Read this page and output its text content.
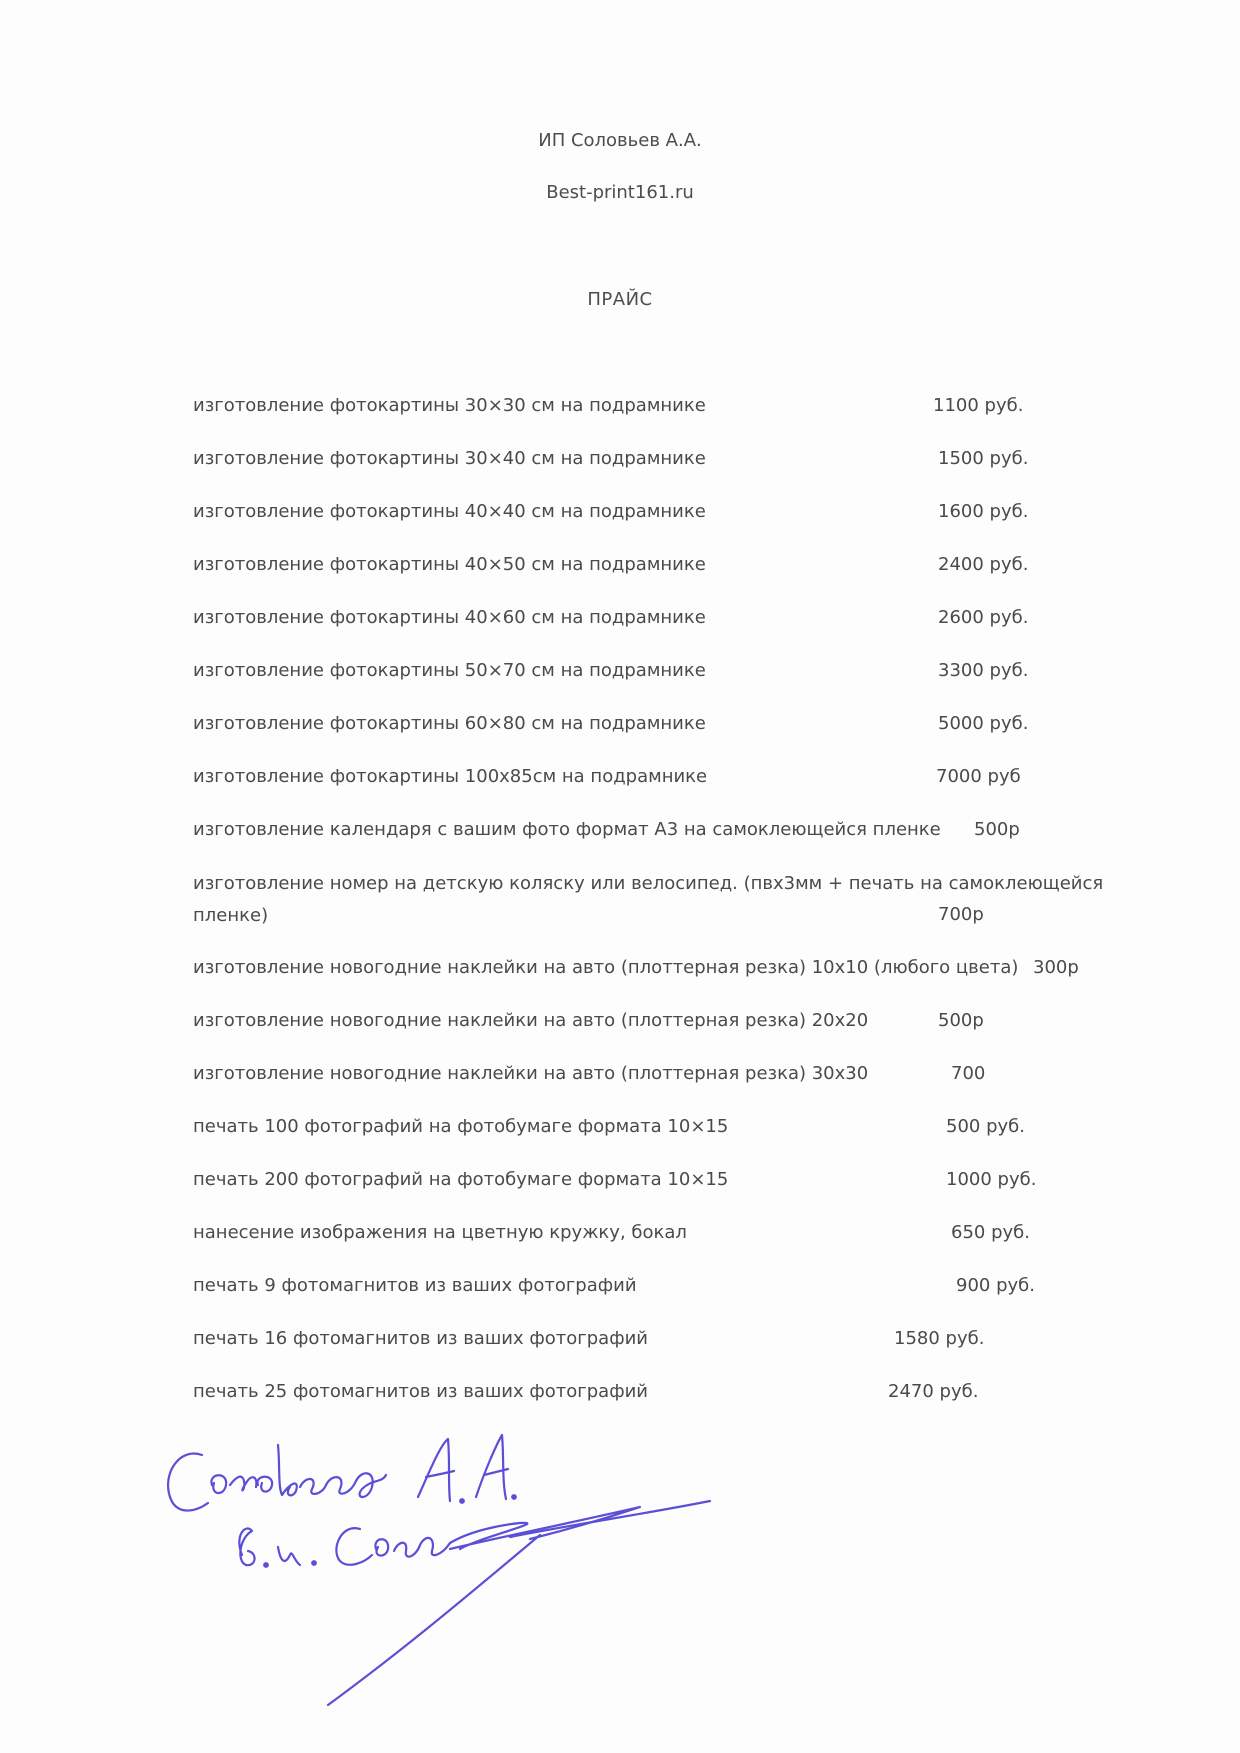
ИП Соловьев А.А.
Best-print161.ru
ПРАЙС
изготовление фотокартины 30×30 см на подрамнике	1100 руб.
изготовление фотокартины 30×40 см на подрамнике	1500 руб.
изготовление фотокартины 40×40 см на подрамнике	1600 руб.
изготовление фотокартины 40×50 см на подрамнике	2400 руб.
изготовление фотокартины 40×60 см на подрамнике	2600 руб.
изготовление фотокартины 50×70 см на подрамнике	3300 руб.
изготовление фотокартины 60×80 см на подрамнике	5000 руб.
изготовление фотокартины 100х85см на подрамнике	7000 руб
изготовление календаря с вашим фото формат А3 на самоклеющейся пленке 500р
изготовление номер на детскую коляску или велосипед. (пвх3мм + печать на самоклеющейся пленке)	700р
изготовление новогодние наклейки на авто (плоттерная резка) 10х10 (любого цвета) 300р
изготовление новогодние наклейки на авто (плоттерная резка) 20х20	500р
изготовление новогодние наклейки на авто (плоттерная резка) 30х30	700
печать 100 фотографий на фотобумаге формата 10×15	500 руб.
печать 200 фотографий на фотобумаге формата 10×15	1000 руб.
нанесение изображения на цветную кружку, бокал	650 руб.
печать 9 фотомагнитов из ваших фотографий	900 руб.
печать 16 фотомагнитов из ваших фотографий	1580 руб.
печать 25 фотомагнитов из ваших фотографий	2470 руб.
